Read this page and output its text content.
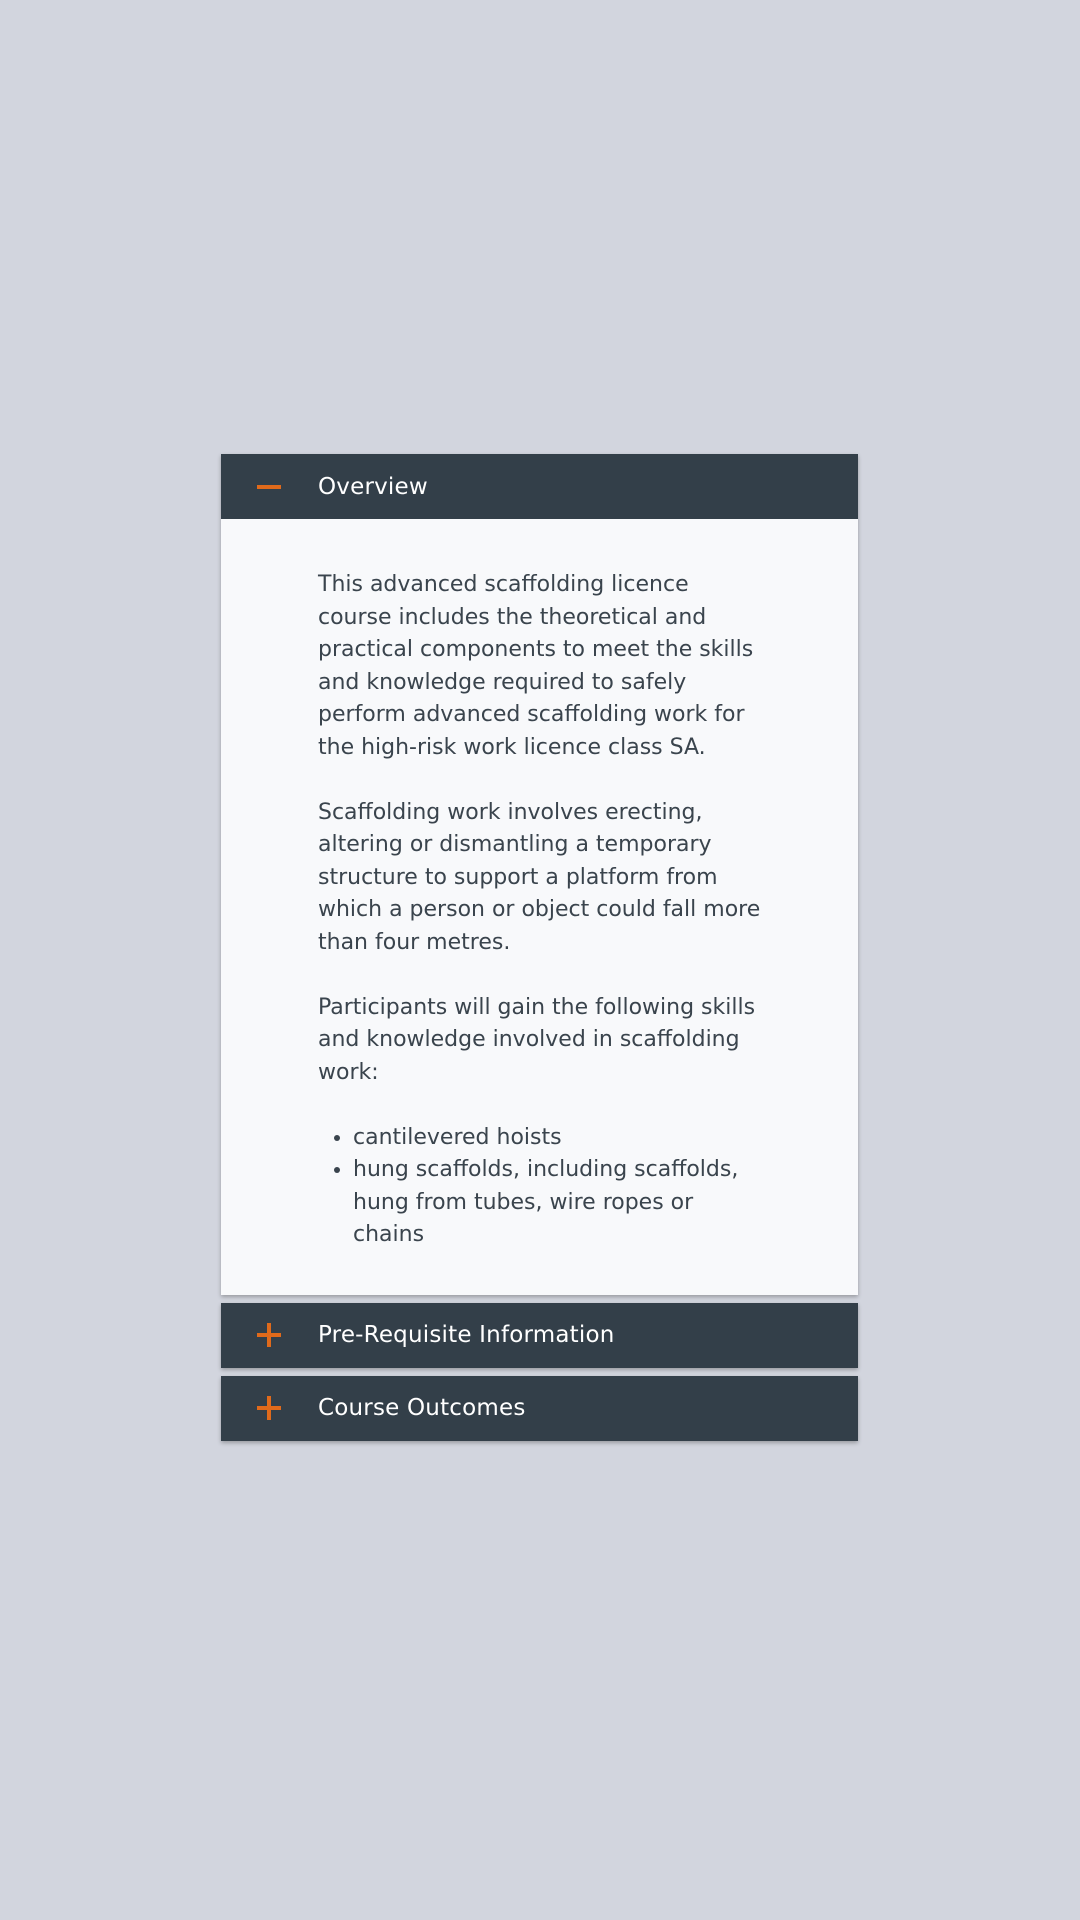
Overview

This advanced scaffolding licence course includes the theoretical and practical components to meet the skills and knowledge required to safely perform advanced scaffolding work for the high-risk work licence class SA.

Scaffolding work involves erecting, altering or dismantling a temporary structure to support a platform from which a person or object could fall more than four metres.

Participants will gain the following skills and knowledge involved in scaffolding work:

• cantilevered hoists
• hung scaffolds, including scaffolds, hung from tubes, wire ropes or chains
Pre-Requisite Information
Course Outcomes
